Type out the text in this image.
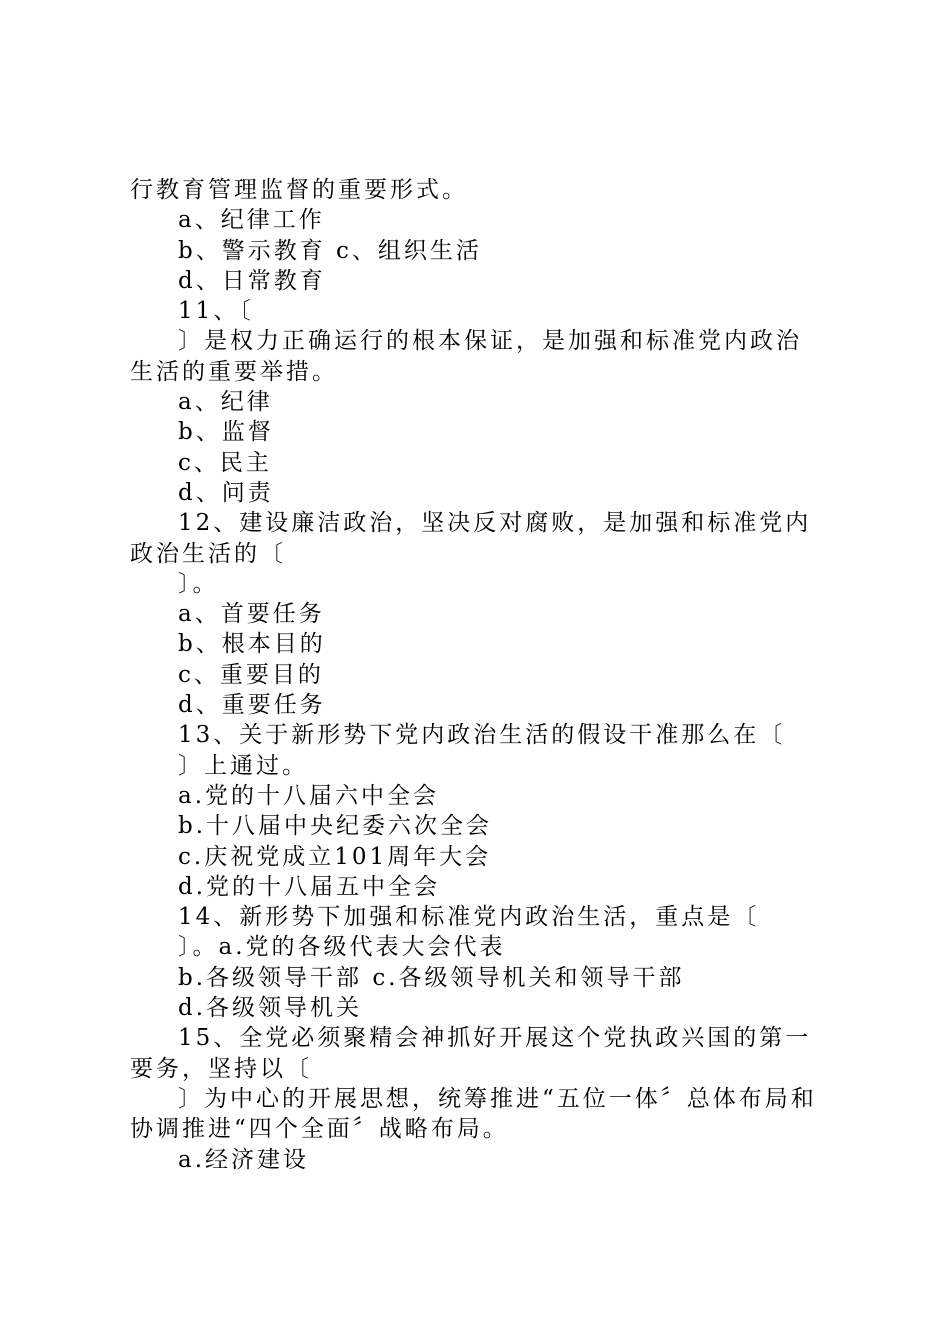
行教育管理监督的重要形式。

a、纪律工作

b、警示教育 c、组织生活

d、日常教育

11、〔

〕是权力正确运行的根本保证，是加强和标准党内政治生活的重要举措。

a、纪律

b、监督

c、民主

d、问责

12、建设廉洁政治，坚决反对腐败，是加强和标准党内政治生活的〔

〕。

a、首要任务

b、根本目的

c、重要目的

d、重要任务

13、关于新形势下党内政治生活的假设干准那么在〔

〕上通过。

a.党的十八届六中全会

b.十八届中央纪委六次全会

c.庆祝党成立101周年大会

d.党的十八届五中全会

14、新形势下加强和标准党内政治生活，重点是〔

〕。a.党的各级代表大会代表

b.各级领导干部 c.各级领导机关和领导干部

d.各级领导机关

15、全党必须聚精会神抓好开展这个党执政兴国的第一要务，坚持以〔

〕为中心的开展思想，统筹推进“五位一体〞总体布局和协调推进“四个全面〞战略布局。

a.经济建设
